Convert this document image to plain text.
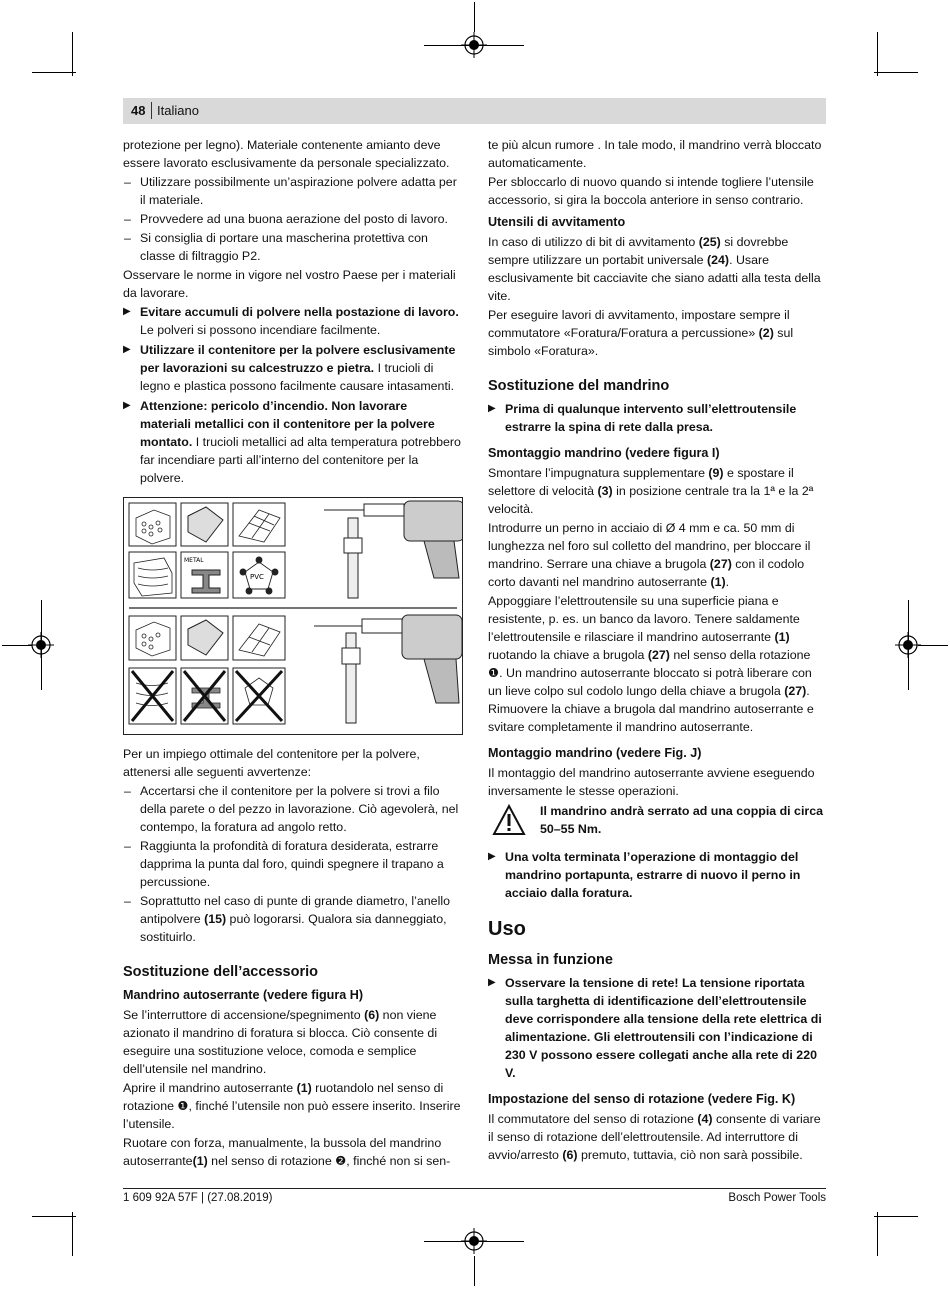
48 Italiano

protezione per legno). Materiale contenente amianto deve essere lavorato esclusivamente da personale specializzato.

– Utilizzare possibilmente un’aspirazione polvere adatta per il materiale.
– Provvedere ad una buona aerazione del posto di lavoro.
– Si consiglia di portare una mascherina protettiva con classe di filtraggio P2.

Osservare le norme in vigore nel vostro Paese per i materiali da lavorare.

▶ Evitare accumuli di polvere nella postazione di lavoro. Le polveri si possono incendiare facilmente.
▶ Utilizzare il contenitore per la polvere esclusivamente per lavorazioni su calcestruzzo e pietra. I trucioli di legno e plastica possono facilmente causare intasamenti.
▶ Attenzione: pericolo d’incendio. Non lavorare materiali metallici con il contenitore per la polvere montato. I trucioli metallici ad alta temperatura potrebbero far incendiare parti all’interno del contenitore per la polvere.
METAL
PVC

Per un impiego ottimale del contenitore per la polvere, attenersi alle seguenti avvertenze:

– Accertarsi che il contenitore per la polvere si trovi a filo della parete o del pezzo in lavorazione. Ciò agevolerà, nel contempo, la foratura ad angolo retto.
– Raggiunta la profondità di foratura desiderata, estrarre dapprima la punta dal foro, quindi spegnere il trapano a percussione.
– Soprattutto nel caso di punte di grande diametro, l’anello antipolvere (15) può logorarsi. Qualora sia danneggiato, sostituirlo.
Sostituzione dell’accessorio
Mandrino autoserrante (vedere figura H)

Se l’interruttore di accensione/spegnimento (6) non viene azionato il mandrino di foratura si blocca. Ciò consente di eseguire una sostituzione veloce, comoda e semplice dell’utensile nel mandrino.

Aprire il mandrino autoserrante (1) ruotandolo nel senso di rotazione ❶, finché l’utensile non può essere inserito. Inserire l’utensile.

Ruotare con forza, manualmente, la bussola del mandrino autoserrante(1) nel senso di rotazione ❷, finché non si sen-

te più alcun rumore . In tale modo, il mandrino verrà bloccato automaticamente.

Per sbloccarlo di nuovo quando si intende togliere l’utensile accessorio, si gira la boccola anteriore in senso contrario.

Utensili di avvitamento

In caso di utilizzo di bit di avvitamento (25) si dovrebbe sempre utilizzare un portabit universale (24). Usare esclusivamente bit cacciavite che siano adatti alla testa della vite.

Per eseguire lavori di avvitamento, impostare sempre il commutatore «Foratura/Foratura a percussione» (2) sul simbolo «Foratura».

Sostituzione del mandrino
▶ Prima di qualunque intervento sull’elettroutensile estrarre la spina di rete dalla presa.
Smontaggio mandrino (vedere figura I)

Smontare l’impugnatura supplementare (9) e spostare il selettore di velocità (3) in posizione centrale tra la 1ª e la 2ª velocità.

Introdurre un perno in acciaio di Ø 4 mm e ca. 50 mm di lunghezza nel foro sul colletto del mandrino, per bloccare il mandrino. Serrare una chiave a brugola (27) con il codolo corto davanti nel mandrino autoserrante (1).

Appoggiare l’elettroutensile su una superficie piana e resistente, p. es. un banco da lavoro. Tenere saldamente l’elettroutensile e rilasciare il mandrino autoserrante (1) ruotando la chiave a brugola (27) nel senso della rotazione ❶. Un mandrino autoserrante bloccato si potrà liberare con un lieve colpo sul codolo lungo della chiave a brugola (27). Rimuovere la chiave a brugola dal mandrino autoserrante e svitare completamente il mandrino autoserrante.

Montaggio mandrino (vedere Fig. J)

Il montaggio del mandrino autoserrante avviene eseguendo inversamente le stesse operazioni.

Il mandrino andrà serrato ad una coppia di circa 50–55 Nm.
▶ Una volta terminata l’operazione di montaggio del mandrino portapunta, estrarre di nuovo il perno in acciaio dalla foratura.
Uso
Messa in funzione
▶ Osservare la tensione di rete! La tensione riportata sulla targhetta di identificazione dell’elettroutensile deve corrispondere alla tensione della rete elettrica di alimentazione. Gli elettroutensili con l’indicazione di 230 V possono essere collegati anche alla rete di 220 V.
Impostazione del senso di rotazione (vedere Fig. K)

Il commutatore del senso di rotazione (4) consente di variare il senso di rotazione dell’elettroutensile. Ad interruttore di avvio/arresto (6) premuto, tuttavia, ciò non sarà possibile.

1 609 92A 57F | (27.08.2019)	Bosch Power Tools
